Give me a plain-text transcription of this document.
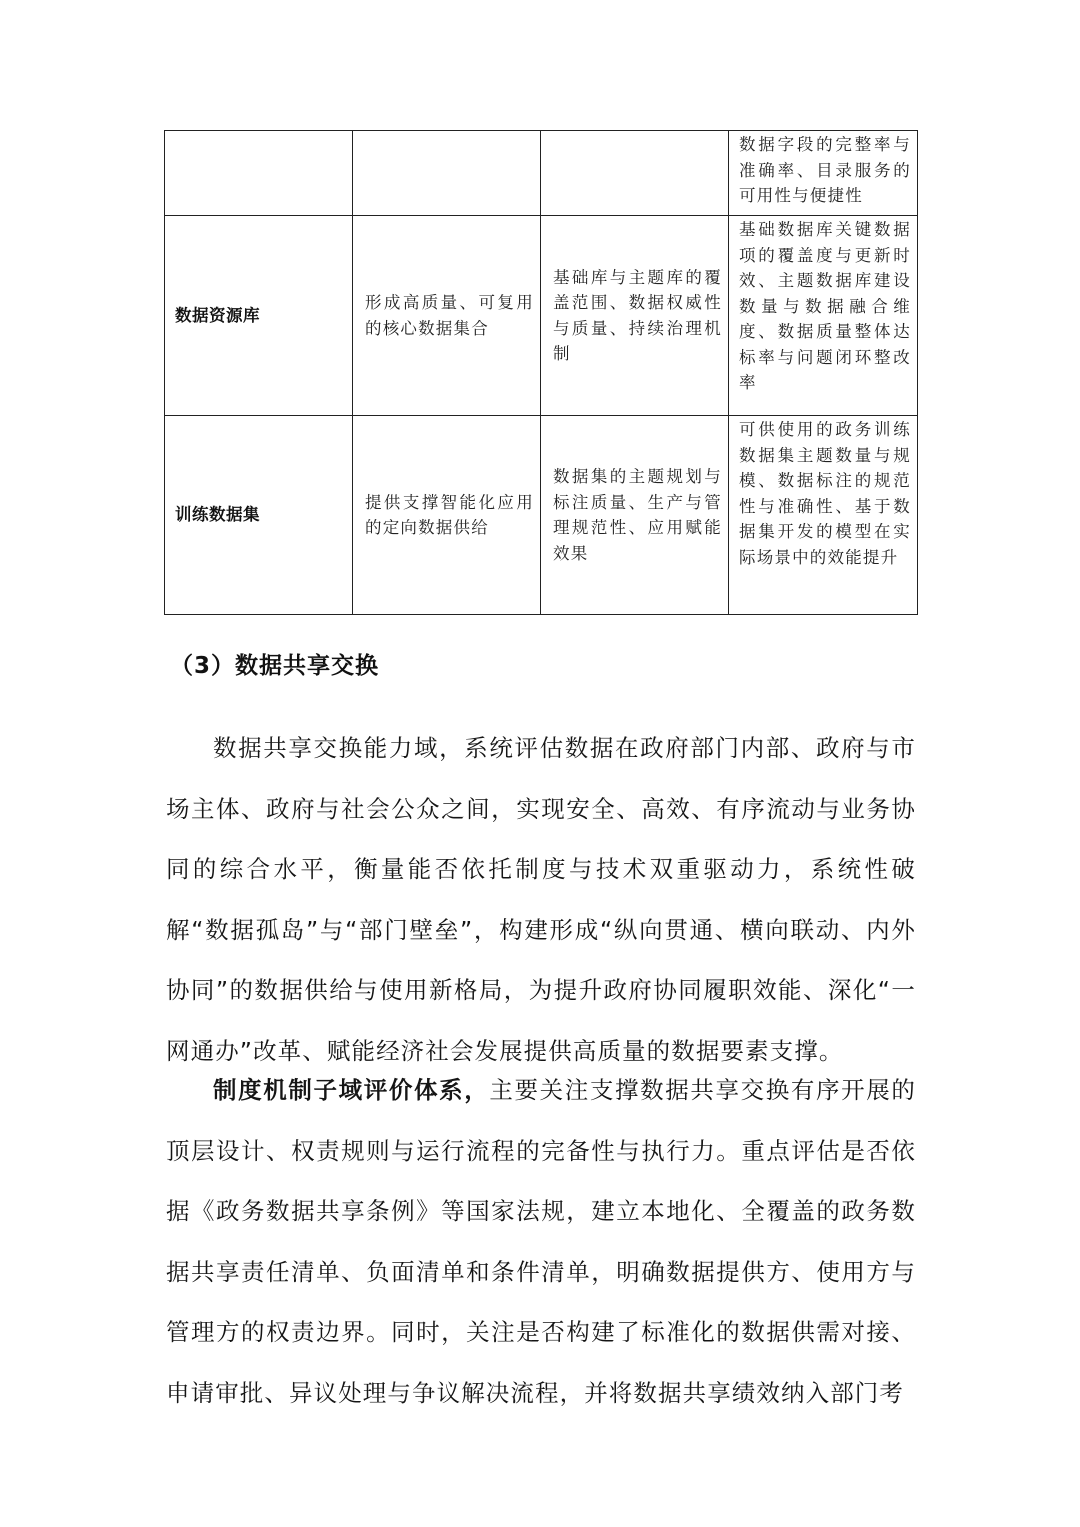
			数据字段的完整率与准确率、目录服务的可用性与便捷性
数据资源库	形成高质量、可复用的核心数据集合	基础库与主题库的覆盖范围、数据权威性与质量、持续治理机制	基础数据库关键数据项的覆盖度与更新时效、主题数据库建设数量与数据融合维度、数据质量整体达标率与问题闭环整改率
训练数据集	提供支撑智能化应用的定向数据供给	数据集的主题规划与标注质量、生产与管理规范性、应用赋能效果	可供使用的政务训练数据集主题数量与规模、数据标注的规范性与准确性、基于数据集开发的模型在实际场景中的效能提升
（3）数据共享交换

数据共享交换能力域，系统评估数据在政府部门内部、政府与市场主体、政府与社会公众之间，实现安全、高效、有序流动与业务协同的综合水平，衡量能否依托制度与技术双重驱动力，系统性破解“数据孤岛”与“部门壁垒”，构建形成“纵向贯通、横向联动、内外协同”的数据供给与使用新格局，为提升政府协同履职效能、深化“一网通办”改革、赋能经济社会发展提供高质量的数据要素支撑。

制度机制子域评价体系，主要关注支撑数据共享交换有序开展的顶层设计、权责规则与运行流程的完备性与执行力。重点评估是否依据《政务数据共享条例》等国家法规，建立本地化、全覆盖的政务数据共享责任清单、负面清单和条件清单，明确数据提供方、使用方与管理方的权责边界。同时，关注是否构建了标准化的数据供需对接、申请审批、异议处理与争议解决流程，并将数据共享绩效纳入部门考
